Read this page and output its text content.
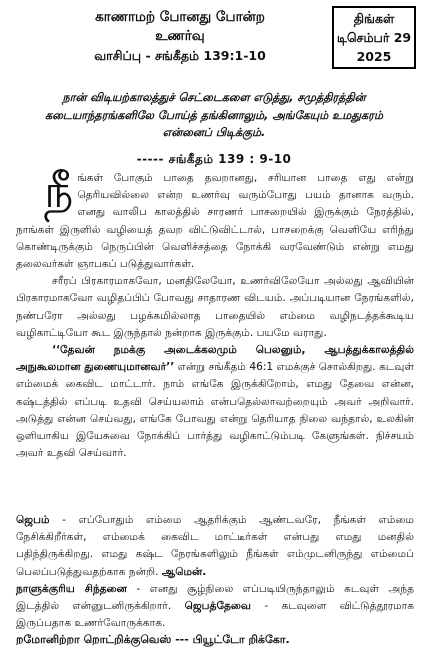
காணாமற் போனது போன்ற
உணர்வு
வாசிப்பு - சங்கீதம் 139:1-10
திங்கள்
டிசெம்பர் 29
2025
நான் விடியற்காலத்துச் செட்டைகளை எடுத்து, சமுத்திரத்தின் கடையாந்தரங்களிலே போய்த் தங்கினாலும், அங்கேயும் உமதுகரம் என்னைப் பிடிக்கும்.
----- சங்கீதம் 139 : 9-10

நீங்கள் போகும் பாதை தவறானது, சரியான பாதை எது என்று தெரியவில்லை என்ற உணர்வு வரும்போது பயம் தானாக வரும். எனது வாலிப காலத்தில் சாரணர் பாசறையில் இருக்கும் நேரத்தில், நாங்கள் இருளில் வழியைத் தவற விட்டுவிட்டால், பாசறைக்கு வெளியே எரிந்து கொண்டிருக்கும் நெருப்பின் வெளிச்சத்தை நோக்கி வரவேண்டும் என்று எமது தலைவர்கள் ஞாபகப் படுத்துவார்கள்.

சரீரப் பிரகாரமாகவோ, மனதிலேயோ, உணர்விலேயோ அல்லது ஆவியின் பிரகாரமாகவோ வழிதப்பிப் போவது சாதாரண விடயம். அப்படியான நேரங்களில், நண்பரோ அல்லது பழக்கமில்லாத பாதையில் எம்மை வழிநடத்தக்கூடிய வழிகாட்டியோ கூட இருந்தால் நன்றாக இருக்கும். பயமே வராது.

‘‘தேவன் நமக்கு அடைக்கலமும் பெலனும், ஆபத்துக்காலத்தில் அநுகூலமான துணையுமானவர்’’ என்று சங்கீதம் 46:1 எமக்குச் சொல்கிறது. கடவுள் எம்மைக் கைவிட மாட்டார். நாம் எங்கே இருக்கிறோம், எமது தேவை என்ன, கஷ்டத்தில் எப்படி உதவி செய்யலாம் என்பதெல்லாவற்றையும் அவர் அறிவார். அடுத்து என்ன செய்வது, எங்கே போவது என்று தெரியாத நிலை வந்தால், உலகின் ஒளியாகிய இயேசுவை நோக்கிப் பார்த்து வழிகாட்டும்படி கேளுங்கள். நிச்சயம் அவர் உதவி செய்வார்.

ஜெபம் - எப்போதும் எம்மை ஆதரிக்கும் ஆண்டவரே, நீங்கள் எம்மை நேசிக்கிறீர்கள், எம்மைக் கைவிட மாட்டீர்கள் என்பது எமது மனதில் பதிந்திருக்கிறது. எமது கஷ்ட நேரங்களிலும் நீங்கள் எம்முடனிருந்து எம்மைப் பெலப்படுத்துவதற்காக நன்றி. ஆமென்.

நாளுக்குரிய சிந்தனை - எனது சூழ்நிலை எப்படியிருந்தாலும் கடவுள் அந்த இடத்தில் என்னுடனிருக்கிறார். ஜெபத்தேவை - கடவுளை விட்டுத்தூரமாக இருப்பதாக உணர்வோருக்காக.

றமோனிற்றா றொட்றிக்குவெஸ் --- பியூட்டோ றிக்கோ.
